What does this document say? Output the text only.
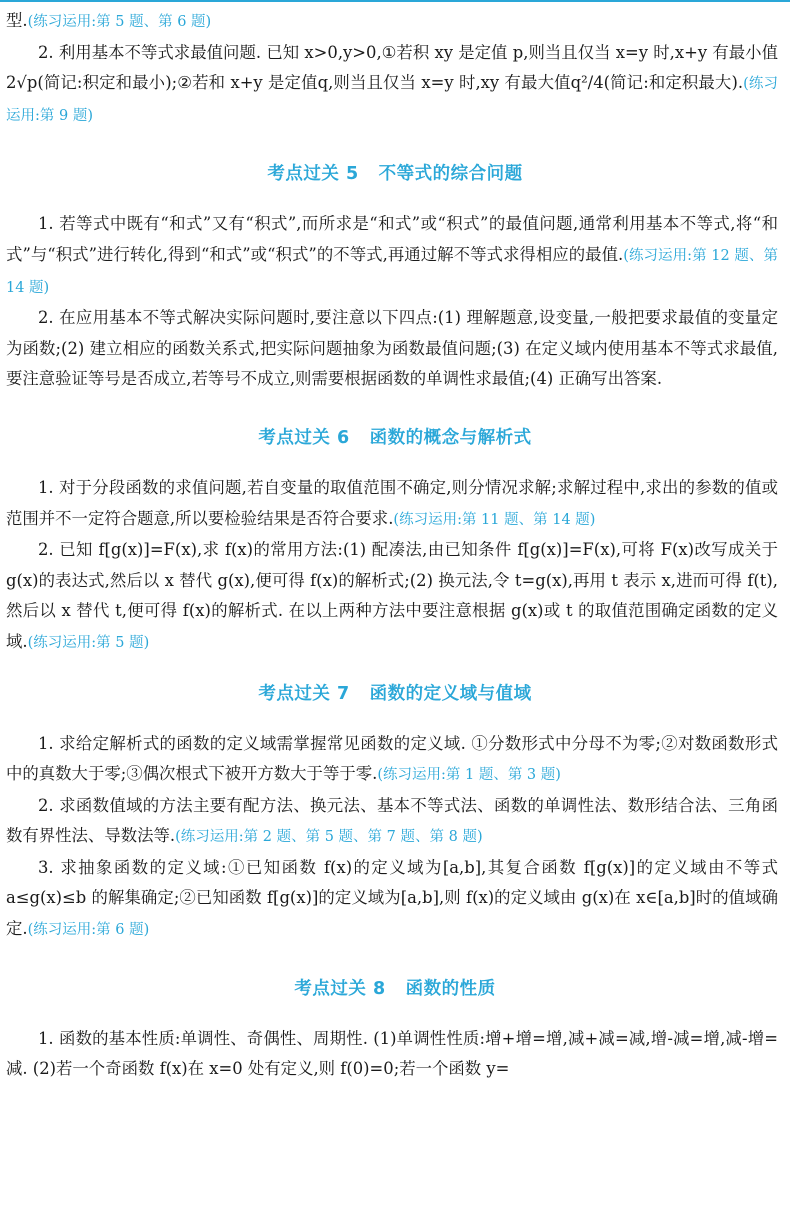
型.(练习运用:第 5 题、第 6 题)

2. 利用基本不等式求最值问题. 已知 x>0,y>0,①若积 xy 是定值 p,则当且仅当 x=y 时,x+y 有最小值 2√p(简记:积定和最小);②若和 x+y 是定值q,则当且仅当 x=y 时,xy 有最大值q²/4(简记:和定积最大).(练习运用:第 9 题)

考点过关 5 不等式的综合问题

1. 若等式中既有“和式”又有“积式”,而所求是“和式”或“积式”的最值问题,通常利用基本不等式,将“和式”与“积式”进行转化,得到“和式”或“积式”的不等式,再通过解不等式求得相应的最值.(练习运用:第 12 题、第 14 题)

2. 在应用基本不等式解决实际问题时,要注意以下四点:(1) 理解题意,设变量,一般把要求最值的变量定为函数;(2) 建立相应的函数关系式,把实际问题抽象为函数最值问题;(3) 在定义域内使用基本不等式求最值,要注意验证等号是否成立,若等号不成立,则需要根据函数的单调性求最值;(4) 正确写出答案.

考点过关 6 函数的概念与解析式

1. 对于分段函数的求值问题,若自变量的取值范围不确定,则分情况求解;求解过程中,求出的参数的值或范围并不一定符合题意,所以要检验结果是否符合要求.(练习运用:第 11 题、第 14 题)

2. 已知 f[g(x)]=F(x),求 f(x)的常用方法:(1) 配凑法,由已知条件 f[g(x)]=F(x),可将 F(x)改写成关于 g(x)的表达式,然后以 x 替代 g(x),便可得 f(x)的解析式;(2) 换元法,令 t=g(x),再用 t 表示 x,进而可得 f(t),然后以 x 替代 t,便可得 f(x)的解析式. 在以上两种方法中要注意根据 g(x)或 t 的取值范围确定函数的定义域.(练习运用:第 5 题)

考点过关 7 函数的定义域与值域

1. 求给定解析式的函数的定义域需掌握常见函数的定义域. ①分数形式中分母不为零;②对数函数形式中的真数大于零;③偶次根式下被开方数大于等于零.(练习运用:第 1 题、第 3 题)

2. 求函数值域的方法主要有配方法、换元法、基本不等式法、函数的单调性法、数形结合法、三角函数有界性法、导数法等.(练习运用:第 2 题、第 5 题、第 7 题、第 8 题)

3. 求抽象函数的定义域:①已知函数 f(x)的定义域为[a,b],其复合函数 f[g(x)]的定义域由不等式 a≤g(x)≤b 的解集确定;②已知函数 f[g(x)]的定义域为[a,b],则 f(x)的定义域由 g(x)在 x∈[a,b]时的值域确定.(练习运用:第 6 题)

考点过关 8 函数的性质

1. 函数的基本性质:单调性、奇偶性、周期性. (1)单调性性质:增+增=增,减+减=减,增-减=增,减-增=减. (2)若一个奇函数 f(x)在 x=0 处有定义,则 f(0)=0;若一个函数 y=
